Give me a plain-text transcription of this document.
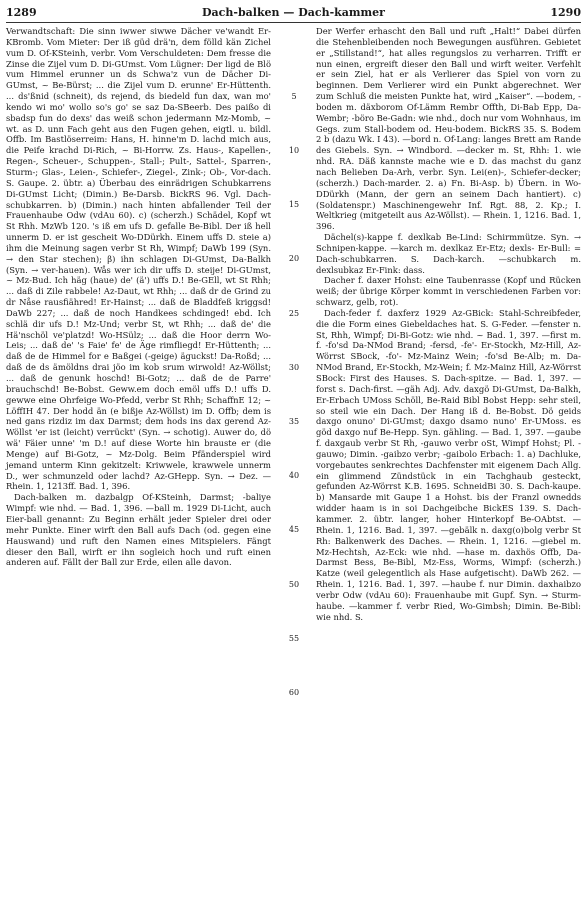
1289	Dach-balken — Dach-kammer	1290

Verwandtschaft: Die sinn iwwer siwwe Dächer ve'wandt Er-KBromb. Vom Mieter: Der iß güd drä'n, dem fölld kän Zichel vum D. Of-KSteinh, verbr. Vom Verschuldeten: Dem fresse die Zinse die Zijel vum D. Di-GUmst. Vom Lügner: Der ligd de Blö vum Himmel erunner un ds Schwa'z vun de Dächer Di-GUmst, ~ Be-Bürst; ... die Zijel vum D. erunne' Er-Hüttenth. ... ds'ßnid (schneit), ds rejend, ds biedeld fun dax, wan mo' kendo wi mo' wollo so's go' se saz Da-SBeerb. Des paißo di sbadsp fun do dexs' das weiß schon jedermann Mz-Momb, ~ wt. as D. unn Fach geht aus den Fugen gehen, eigtl. u. bildl. Offb. Im Bastlöserreim: Hans, H. hinne'm D. lachd mich aus, die Peife krachd Di-Rich, ~ Bi-Horrw. Zs. Haus-, Kapellen-, Regen-, Scheuer-, Schuppen-, Stall-; Pult-, Sattel-, Sparren-, Sturm-; Glas-, Leien-, Schiefer-, Ziegel-, Zink-; Ob-, Vor-dach. S. Gaupe. 2. übtr. a) Überbau des einrädrigen Schubkarrens Di-GUmst Licht; (Dimin.) Be-Darsb. BickRS 96. Vgl. Dach-schubkarren. b) (Dimin.) nach hinten abfallender Teil der Frauenhaube Odw (vdAu 60). c) (scherzh.) Schädel, Kopf wt St Rhh. MzWb 120. 's iß em ufs D. gefalle Be-Bibl. Der iß hell unnerm D. er ist gescheit Wo-DDürkh. Einem uffs D. steie a) ihm die Meinung sagen verbr St Rh, Wimpf; DaWb 199 (Syn. → den Star stechen); β) ihn schlagen Di-GUmst, Da-Balkh (Syn. → ver-hauen). Wås wer ich dir uffs D. steije! Di-GUmst, ~ Mz-Bud. Ich häg (haue) de' (ä') uffs D.! Be-GEll, wt St Rhh; ... daß di Zile rabbele! Az-Daut, wt Rhh; ... daß dr de Grind zu dr Nåse rausfiähred! Er-Hainst; ... daß de Bladdfeß kriggsd! DaWb 227; ... daß de noch Handkees schdinged! ebd. Ich schlä dir ufs D.! Mz-Und; verbr St, wt Rhh; ... daß de' die Hä'nschöl ve'platzd! Wo-HSülz; ... daß die Hoor derrn Wo-Leis; ... daß de' 's Faie' fe' de Äge rimfliegd! Er-Hüttenth; ... daß de de Himmel for e Baßgei (-geige) äguckst! Da-Roßd; ... daß de ds ämöldns drai jöo im kob srum wirwold! Az-Wöllst; ... daß de genunk hoschd! Bi-Gotz; ... daß de de Parre' brauchschd! Be-Bobst. Geww.em doch emöl uffs D.! uffs D. gewwe eine Ohrfeige Wo-Pfedd, verbr St Rhh; SchaffnE 12; ~ LöffIH 47. Der hodd än (e bißje Az-Wöllst) im D. Offb; dem is ned gans rizdiz im dax Darmst; dem hods ins dax gerend Az-Wöllst 'er ist (leicht) verrückt' (Syn. → schotig). Auwer do, dö wä' Fäier unne' 'm D.! auf diese Worte hin brauste er (die Menge) auf Bi-Gotz, ~ Mz-Dolg. Beim Pfänderspiel wird jemand unterm Kinn gekitzelt: Kriwwele, krawwele unnerm D., wer schmunzeld oder lachd? Az-GHepp. Syn. → Dez. — Rhein. 1, 1213ff. Bad. 1, 396.

Dach-balken m. dazbalgp Of-KSteinh, Darmst; -baliye Wimpf: wie nhd. — Bad. 1, 396. —ball m. 1929 Di-Licht, auch Eier-ball genannt: Zu Beginn erhält jeder Spieler drei oder mehr Punkte. Einer wirft den Ball aufs Dach (od. gegen eine Hauswand) und ruft den Namen eines Mitspielers. Fängt dieser den Ball, wirft er ihn sogleich hoch und ruft einen anderen auf. Fällt der Ball zur Erde, eilen alle davon.

5
10
15
20
25
30
35
40
45
50
55
60

Der Werfer erhascht den Ball und ruft „Halt!“ Dabei dürfen die Stehenbleibenden noch Bewegungen ausführen. Gebietet er „Stillstand!“, hat alles regungslos zu verharren. Trifft er nun einen, ergreift dieser den Ball und wirft weiter. Verfehlt er sein Ziel, hat er als Verlierer das Spiel von vorn zu beginnen. Dem Verlierer wird ein Punkt abgerechnet. Wer zum Schluß die meisten Punkte hat, wird „Kaiser“. —bodem, -boden m. däxborom Of-Lämm Rembr Offth, Di-Bab Epp, Da-Wembr; -böro Be-Gadn: wie nhd., doch nur vom Wohnhaus, im Gegs. zum Stall-bodem od. Heu-bodem. BickRS 35. S. Bodem 2 b (dazu Wk. I 43). —bord n. Of-Lang: langes Brett am Rande des Giebels. Syn. → Windbord. —decker m. St, Rhh: 1. wie nhd. RA. Däß kannste mache wie e D. das machst du ganz nach Belieben Da-Arh, verbr. Syn. Lei(en)-, Schiefer-decker; (scherzh.) Dach-marder. 2. a) Fn. Bi-Asp. b) Übern. in Wo-DDürkh (Mann, der gern an seinem Dach hantiert). c) (Soldatenspr.) Maschinengewehr Inf. Rgt. 88, 2. Kp.; I. Weltkrieg (mitgeteilt aus Az-Wöllst). — Rhein. 1, 1216. Bad. 1, 396.

Dächel(s)-kappe f. dexlkab Be-Lind: Schirmmütze. Syn. → Schnipen-kappe. —karch m. dexlkaz Er-Etz; dexls- Er-Bull: = Dach-schubkarren. S. Dach-karch. —schubkarch m. dexlsubkaz Er-Fink: dass.

Dacher f. daxer Hohst: eine Taubenrasse (Kopf und Rücken weiß; der übrige Körper kommt in verschiedenen Farben vor: schwarz, gelb, rot).

Dach-feder f. daxferz 1929 Az-GBick: Stahl-Schreibfeder, die die Form eines Giebeldaches hat. S. G-Feder. —fenster n. St, Rhh, Wimpf; Di-Bi-Gotz: wie nhd. ~ Bad. 1, 397. —first m. f. -fo'sd Da-NMod Brand; -fersd, -fe'- Er-Stockh, Mz-Hill, Az-Wörrst SBock, -fo'- Mz-Mainz Wein; -fo'sd Be-Alb; m. Da-NMod Brand, Er-Stockh, Mz-Wein; f. Mz-Mainz Hill, Az-Wörrst SBock: First des Hauses. S. Dach-spitze. — Bad. 1, 397. —forst s. Dach-first. —gäh Adj. Adv. daxgö Di-GUmst, Da-Balkh, Er-Erbach UMoss Schöll, Be-Raid Bibl Bobst Hepp: sehr steil, so steil wie ein Dach. Der Hang iß d. Be-Bobst. Dö geids daxgo onuno' Di-GUmst; daxgo dsamo nuno' Er-UMoss. es göd daxgo nuf Be-Hepp. Syn. gähling. — Bad. 1, 397. —gaube f. daxgaub verbr St Rh, -gauwo verbr oSt, Wimpf Hohst; Pl. -gauwo; Dimin. -gaibzo verbr; -gaibolo Erbach: 1. a) Dachluke, vorgebautes senkrechtes Dachfenster mit eigenem Dach Allg. ein glimmend Zündstück in ein Tachghaub gesteckt, gefunden Az-Wörrst K.B. 1695. SchneidBi 30. S. Dach-kaupe. b) Mansarde mit Gaupe 1 a Hohst. bis der Franzl ownedds widder haam is in soi Dachgeibche BickES 139. S. Dach-kammer. 2. übtr. langer, hoher Hinterkopf Be-OAbtst. — Rhein. 1, 1216. Bad. 1, 397. —gebälk n. daxg(o)bolg verbr St Rh: Balkenwerk des Daches. — Rhein. 1, 1216. —giebel m. Mz-Hechtsh, Az-Eck: wie nhd. —hase m. daxhös Offb, Da-Darmst Bess, Be-Bibl, Mz-Ess, Worms, Wimpf: (scherzh.) Katze (weil gelegentlich als Hase aufgetischt). DaWb 262. — Rhein. 1, 1216. Bad. 1, 397. —haube f. nur Dimin. daxhaibzo verbr Odw (vdAu 60): Frauenhaube mit Gupf. Syn. → Sturm-haube. —kammer f. verbr Ried, Wo-Gimbsh; Dimin. Be-Bibl: wie nhd. S.
